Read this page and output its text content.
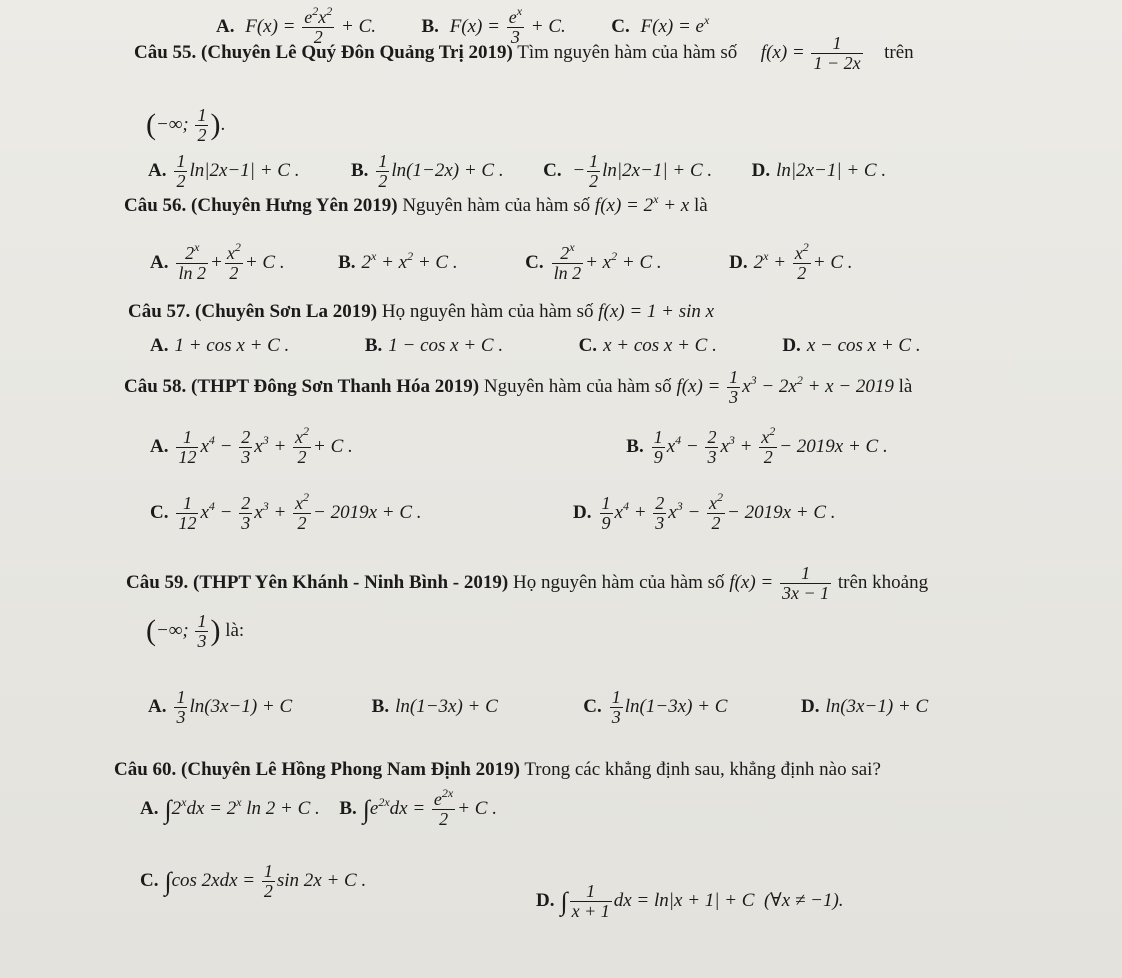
A. $F(x) = \frac{e^2x^2}{2} + C$. B. $F(x) = \frac{e^x}{3} + C$. C. $F(x) = e^x$
Câu 55. (Chuyên Lê Quý Đôn Quảng Trị 2019) Tìm nguyên hàm của hàm số $f(x) = \frac{1}{1 - 2x}$ trên
(−∞; $\frac{1}{2}$ ).
A. $\frac{1}{2} \ln|2x-1| + C$ .	B. $\frac{1}{2} \ln(1-2x) + C$ . C. − $\frac{1}{2} \ln|2x-1| + C$ . D. ln|2x−1| + C .
Câu 56. (Chuyên Hưng Yên 2019) Nguyên hàm của hàm số $f(x) = 2^x + x$ là
A. $\frac{2^x}{\ln 2} + \frac{x^2}{2} + C$ .	B. $2^x + x^2 + C$ .	C. $\frac{2^x}{\ln 2} + x^2 + C$ .	D. $2^x + \frac{x^2}{2} + C$ .
Câu 57. (Chuyên Sơn La 2019) Họ nguyên hàm của hàm số f(x) = 1 + sin x
A. 1 + cos x + C .	B. 1 − cos x + C .	C. x + cos x + C .	D. x − cos x + C .
Câu 58. (THPT Đông Sơn Thanh Hóa 2019) Nguyên hàm của hàm số $f(x) = \frac{1}{3} x^3 - 2x^2 + x - 2019$ là
A. $\frac{1}{12} x^4 - \frac{2}{3} x^3 + \frac{x^2}{2} + C$ .	B. $\frac{1}{9} x^4 - \frac{2}{3} x^3 + \frac{x^2}{2} - 2019x + C$ .
C. $\frac{1}{12} x^4 - \frac{2}{3} x^3 + \frac{x^2}{2} - 2019x + C$ .	D. $\frac{1}{9} x^4 + \frac{2}{3} x^3 - \frac{x^2}{2} - 2019x + C$ .
Câu 59. (THPT Yên Khánh - Ninh Bình - 2019) Họ nguyên hàm của hàm số $f(x) = \frac{1}{3x - 1}$ trên khoảng
(−∞; $\frac{1}{3}$ ) là:
A. $\frac{1}{3} \ln(3x-1) + C$	B. ln(1−3x) + C	C. $\frac{1}{3} \ln(1-3x) + C$	D. ln(3x−1) + C
Câu 60. (Chuyên Lê Hồng Phong Nam Định 2019) Trong các khẳng định sau, khẳng định nào sai?
A. $\int 2^xdx = 2^x$ ln 2 + C . B. $\int e^{2x}dx = \frac{e^{2x}}{2} + C$ .
C. ∫cos $2xdx = \frac{1}{2}$ sin 2x + C .
D. ∫ $\frac{1}{x + 1}$ dx = ln|x + 1| + C  (∀x ≠ −1).
